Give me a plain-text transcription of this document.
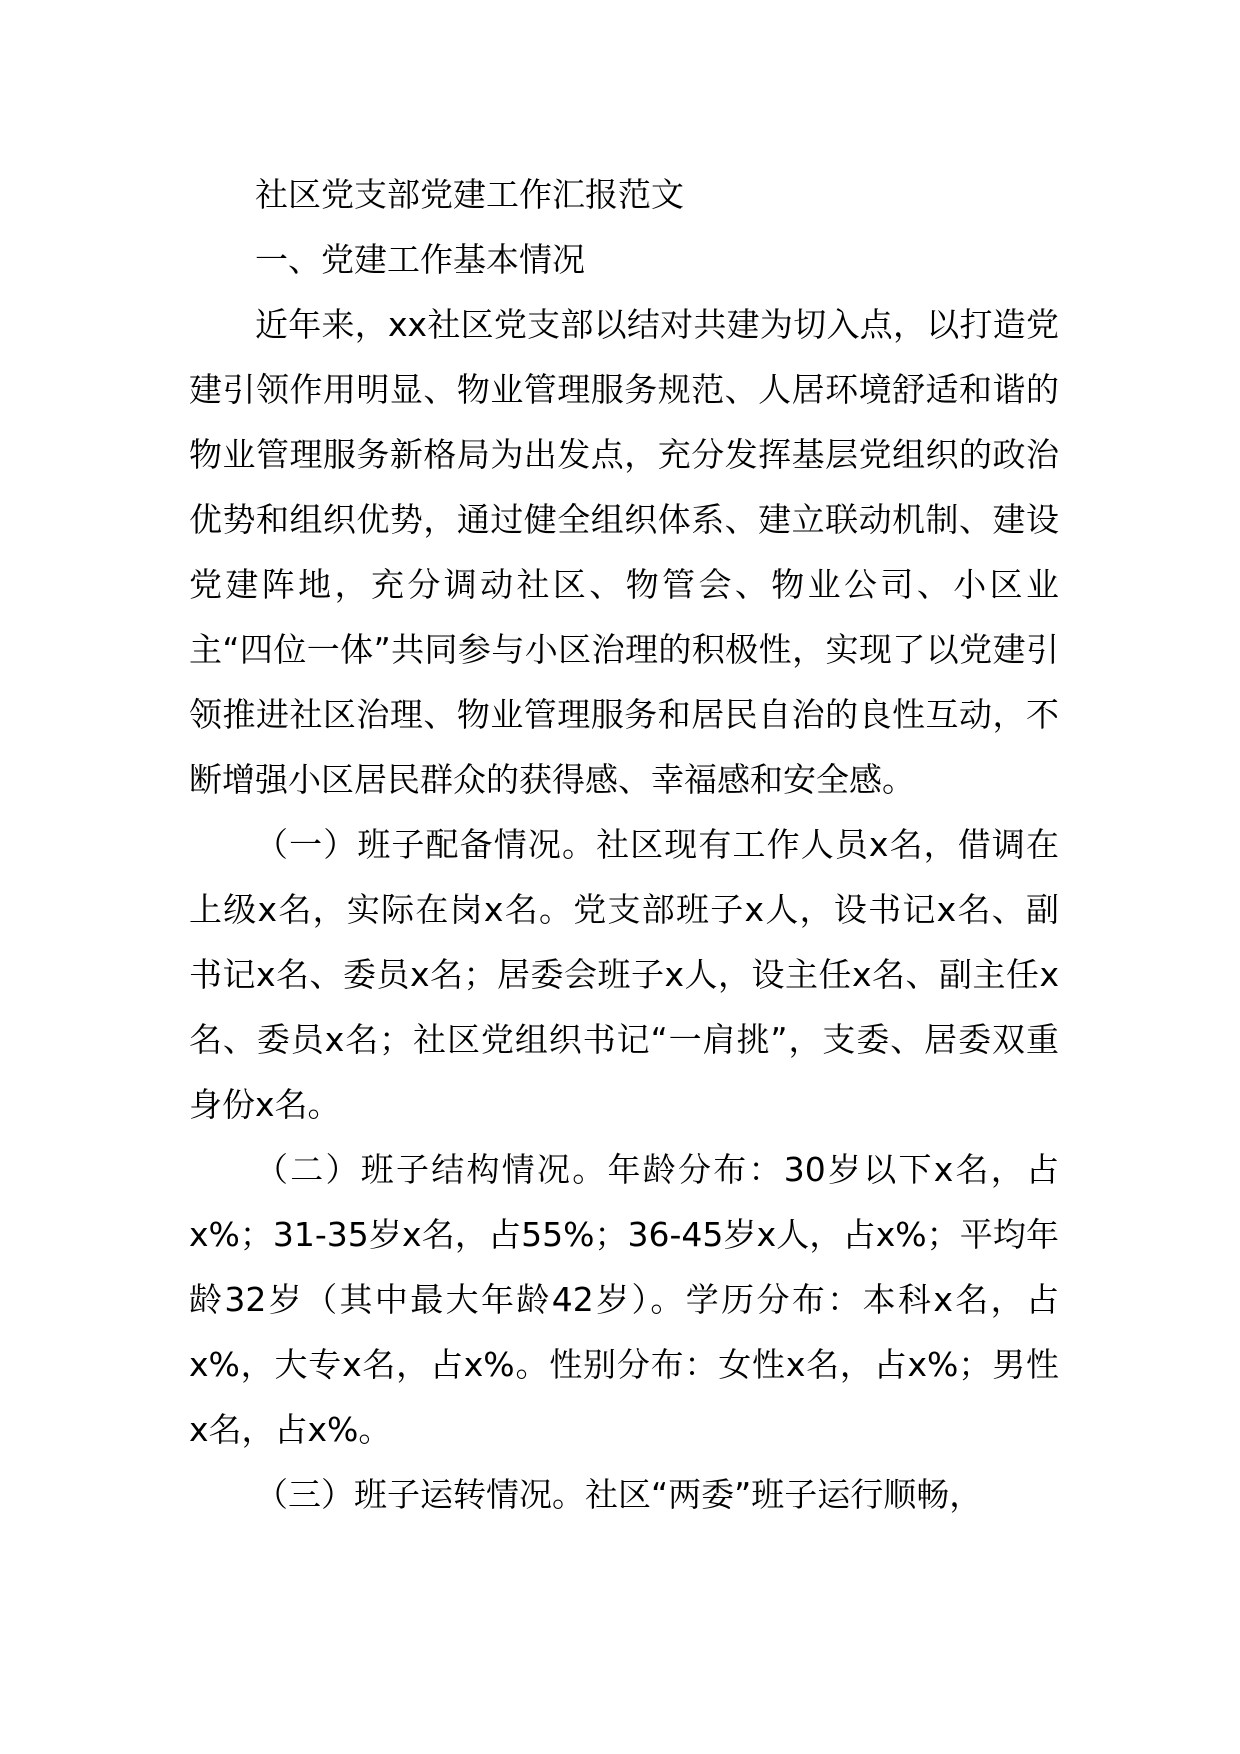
社区党支部党建工作汇报范文

一、党建工作基本情况

近年来，xx社区党支部以结对共建为切入点，以打造党建引领作用明显、物业管理服务规范、人居环境舒适和谐的物业管理服务新格局为出发点，充分发挥基层党组织的政治优势和组织优势，通过健全组织体系、建立联动机制、建设党建阵地，充分调动社区、物管会、物业公司、小区业主“四位一体”共同参与小区治理的积极性，实现了以党建引领推进社区治理、物业管理服务和居民自治的良性互动，不断增强小区居民群众的获得感、幸福感和安全感。

（一）班子配备情况。社区现有工作人员x名，借调在上级x名，实际在岗x名。党支部班子x人，设书记x名、副书记x名、委员x名；居委会班子x人，设主任x名、副主任x名、委员x名；社区党组织书记“一肩挑”，支委、居委双重身份x名。

（二）班子结构情况。年龄分布：30岁以下x名，占x%；31-35岁x名，占55%；36-45岁x人，占x%；平均年龄32岁（其中最大年龄42岁）。学历分布：本科x名，占x%，大专x名，占x%。性别分布：女性x名，占x%；男性x名，占x%。

（三）班子运转情况。社区“两委”班子运行顺畅，
